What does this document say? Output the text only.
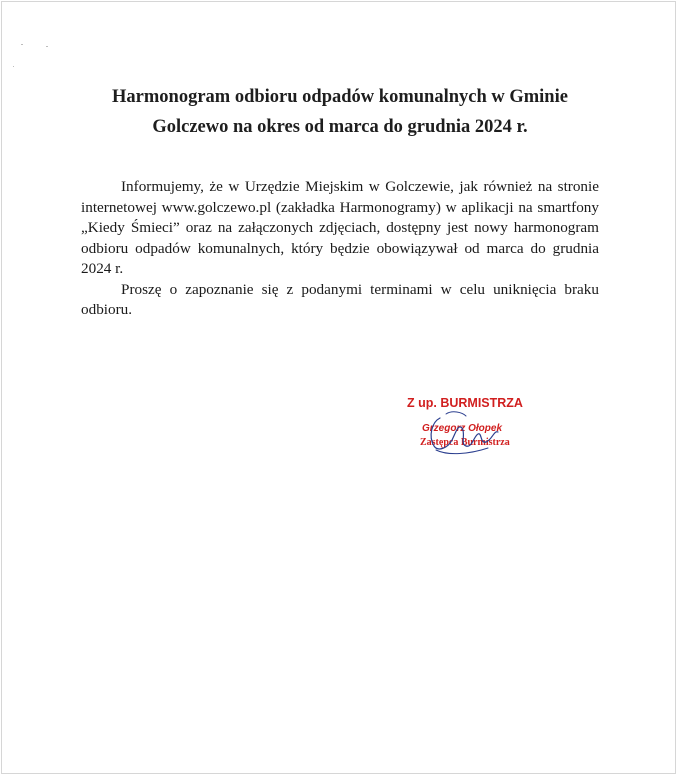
Harmonogram odbioru odpadów komunalnych w Gminie
Golczewo na okres od marca do grudnia 2024 r.

Informujemy, że w Urzędzie Miejskim w Golczewie, jak również na stronie internetowej www.golczewo.pl (zakładka Harmonogramy) w aplikacji na smartfony „Kiedy Śmieci” oraz na załączonych zdjęciach, dostępny jest nowy harmonogram odbioru odpadów komunalnych, który będzie obowiązywał od marca do grudnia 2024 r.

Proszę o zapoznanie się z podanymi terminami w celu uniknięcia braku odbioru.

Z up. BURMISTRZA
Grzegorz Ołopek
Zastępca Burmistrza
